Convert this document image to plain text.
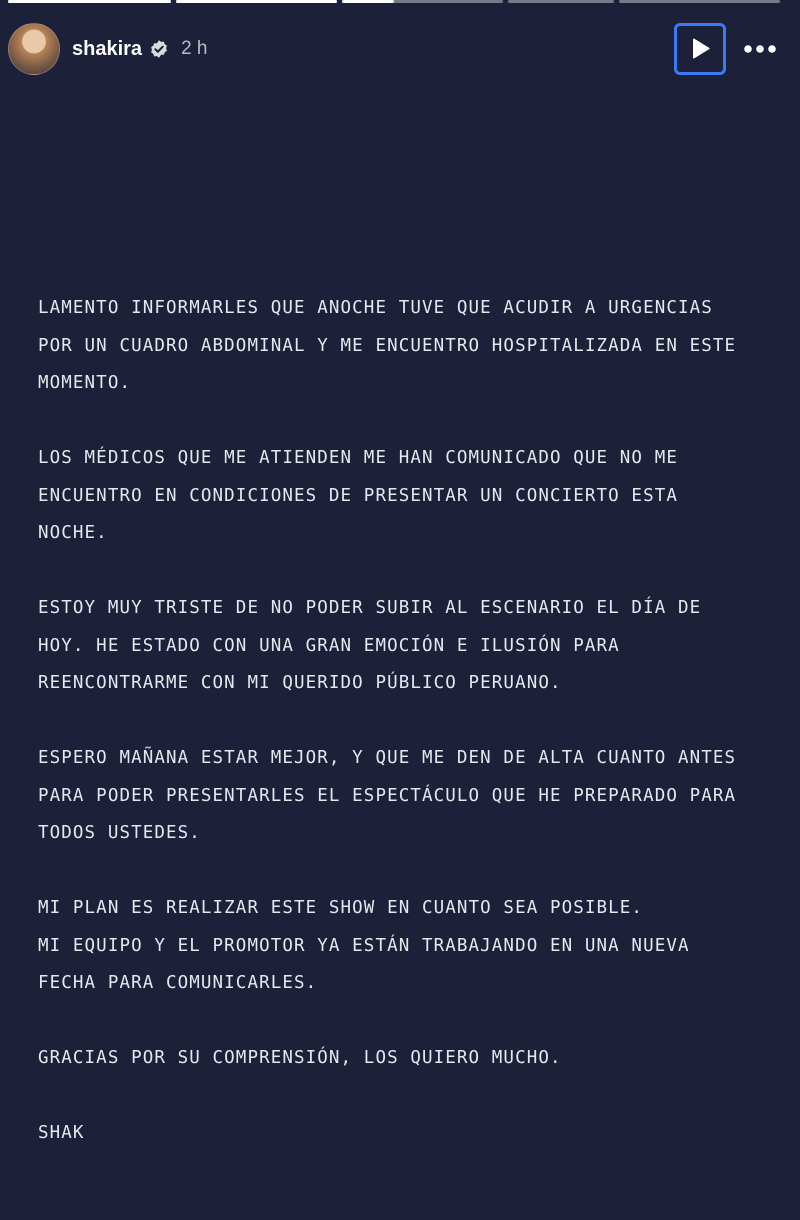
shakira 2 h

LAMENTO INFORMARLES QUE ANOCHE TUVE QUE ACUDIR A URGENCIAS
POR UN CUADRO ABDOMINAL Y ME ENCUENTRO HOSPITALIZADA EN ESTE
MOMENTO.

LOS MÉDICOS QUE ME ATIENDEN ME HAN COMUNICADO QUE NO ME
ENCUENTRO EN CONDICIONES DE PRESENTAR UN CONCIERTO ESTA
NOCHE.

ESTOY MUY TRISTE DE NO PODER SUBIR AL ESCENARIO EL DÍA DE
HOY. HE ESTADO CON UNA GRAN EMOCIÓN E ILUSIÓN PARA
REENCONTRARME CON MI QUERIDO PÚBLICO PERUANO.

ESPERO MAÑANA ESTAR MEJOR, Y QUE ME DEN DE ALTA CUANTO ANTES
PARA PODER PRESENTARLES EL ESPECTÁCULO QUE HE PREPARADO PARA
TODOS USTEDES.

MI PLAN ES REALIZAR ESTE SHOW EN CUANTO SEA POSIBLE.
MI EQUIPO Y EL PROMOTOR YA ESTÁN TRABAJANDO EN UNA NUEVA
FECHA PARA COMUNICARLES.

GRACIAS POR SU COMPRENSIÓN, LOS QUIERO MUCHO.

SHAK
